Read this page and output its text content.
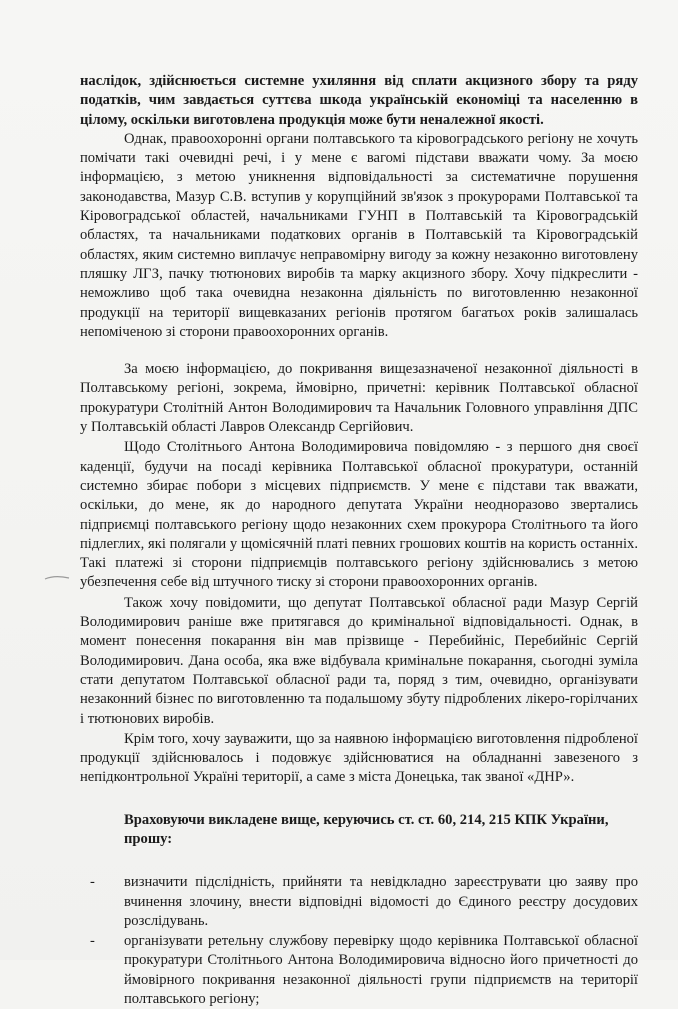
наслідок, здійснюється системне ухиляння від сплати акцизного збору та ряду податків, чим завдається суттєва шкода українській економіці та населенню в цілому, оскільки виготовлена продукція може бути неналежної якості.

Однак, правоохоронні органи полтавського та кіровоградського регіону не хочуть помічати такі очевидні речі, і у мене є вагомі підстави вважати чому. За моєю інформацією, з метою уникнення відповідальності за систематичне порушення законодавства, Мазур С.В. вступив у корупційний зв'язок з прокурорами Полтавської та Кіровоградської областей, начальниками ГУНП в Полтавській та Кіровоградській областях, та начальниками податкових органів в Полтавській та Кіровоградській областях, яким системно виплачує неправомірну вигоду за кожну незаконно виготовлену пляшку ЛГЗ, пачку тютюнових виробів та марку акцизного збору. Хочу підкреслити - неможливо щоб така очевидна незаконна діяльність по виготовленню незаконної продукції на території вищевказаних регіонів протягом багатьох років залишалась непоміченою зі сторони правоохоронних органів.

За моєю інформацією, до покривання вищезазначеної незаконної діяльності в Полтавському регіоні, зокрема, ймовірно, причетні: керівник Полтавської обласної прокуратури Столітній Антон Володимирович та Начальник Головного управління ДПС у Полтавській області Лавров Олександр Сергійович.

Щодо Столітнього Антона Володимировича повідомляю - з першого дня своєї каденції, будучи на посаді керівника Полтавської обласної прокуратури, останній системно збирає побори з місцевих підприємств. У мене є підстави так вважати, оскільки, до мене, як до народного депутата України неодноразово звертались підприємці полтавського регіону щодо незаконних схем прокурора Столітнього та його підлеглих, які полягали у щомісячній платі певних грошових коштів на користь останніх. Такі платежі зі сторони підприємців полтавського регіону здійснювались з метою убезпечення себе від штучного тиску зі сторони правоохоронних органів.

Також хочу повідомити, що депутат Полтавської обласної ради Мазур Сергій Володимирович раніше вже притягався до кримінальної відповідальності. Однак, в момент понесення покарання він мав прізвище - Перебийніс, Перебийніс Сергій Володимирович. Дана особа, яка вже відбувала кримінальне покарання, сьогодні зуміла стати депутатом Полтавської обласної ради та, поряд з тим, очевидно, організувати незаконний бізнес по виготовленню та подальшому збуту підроблених лікеро-горілчаних і тютюнових виробів.

Крім того, хочу зауважити, що за наявною інформацією виготовлення підробленої продукції здійснювалось і подовжує здійснюватися на обладнанні завезеного з непідконтрольної Україні території, а саме з міста Донецька, так званої «ДНР».

Враховуючи викладене вище, керуючись ст. ст. 60, 214, 215 КПК України, прошу:

- визначити підслідність, прийняти та невідкладно зареєструвати цю заяву про вчинення злочину, внести відповідні відомості до Єдиного реєстру досудових розслідувань.
- організувати ретельну службову перевірку щодо керівника Полтавської обласної прокуратури Столітнього Антона Володимировича відносно його причетності до ймовірного покривання незаконної діяльності групи підприємств на території полтавського регіону;
